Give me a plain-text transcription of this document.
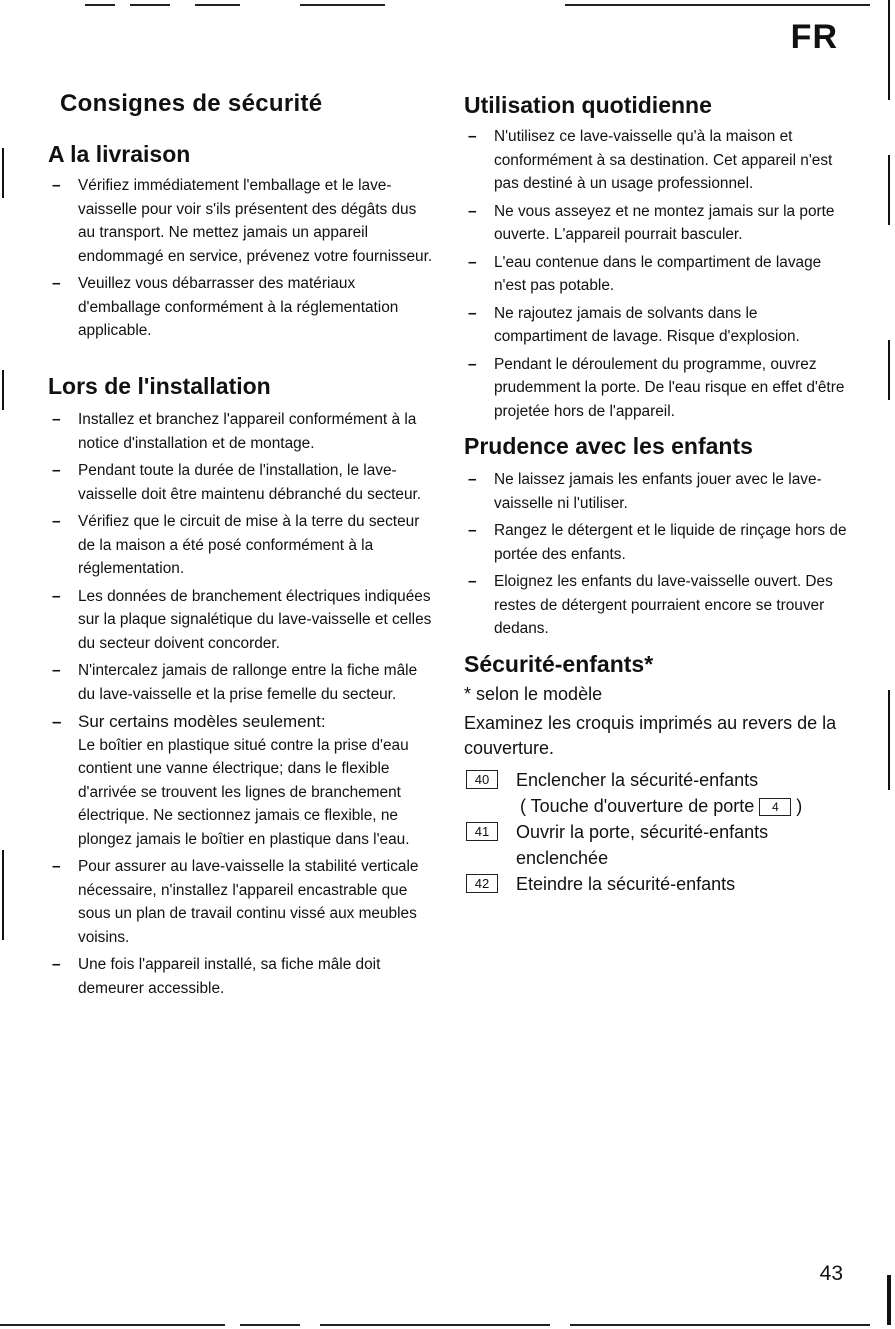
FR
Consignes de sécurité
A la livraison
– Vérifiez immédiatement l'emballage et le lave-vaisselle pour voir s'ils présentent des dégâts dus au transport. Ne mettez jamais un appareil endommagé en service, prévenez votre fournisseur.
– Veuillez vous débarrasser des matériaux d'emballage conformément à la réglementation applicable.
Lors de l'installation
– Installez et branchez l'appareil conformément à la notice d'installation et de montage.
– Pendant toute la durée de l'installation, le lave-vaisselle doit être maintenu débranché du secteur.
– Vérifiez que le circuit de mise à la terre du secteur de la maison a été posé conformément à la réglementation.
– Les données de branchement électriques indiquées sur la plaque signalétique du lave-vaisselle et celles du secteur doivent concorder.
– N'intercalez jamais de rallonge entre la fiche mâle du lave-vaisselle et la prise femelle du secteur.
– Sur certains modèles seulement:
Le boîtier en plastique situé contre la prise d'eau contient une vanne électrique; dans le flexible d'arrivée se trouvent les lignes de branchement électrique. Ne sectionnez jamais ce flexible, ne plongez jamais le boîtier en plastique dans l'eau.
– Pour assurer au lave-vaisselle la stabilité verticale nécessaire, n'installez l'appareil encastrable que sous un plan de travail continu vissé aux meubles voisins.
– Une fois l'appareil installé, sa fiche mâle doit demeurer accessible.
Utilisation quotidienne
– N'utilisez ce lave-vaisselle qu'à la maison et conformément à sa destination. Cet appareil n'est pas destiné à un usage professionnel.
– Ne vous asseyez et ne montez jamais sur la porte ouverte. L'appareil pourrait basculer.
– L'eau contenue dans le compartiment de lavage n'est pas potable.
– Ne rajoutez jamais de solvants dans le compartiment de lavage. Risque d'explosion.
– Pendant le déroulement du programme, ouvrez prudemment la porte. De l'eau risque en effet d'être projetée hors de l'appareil.
Prudence avec les enfants
– Ne laissez jamais les enfants jouer avec le lave-vaisselle ni l'utiliser.
– Rangez le détergent et le liquide de rinçage hors de portée des enfants.
– Eloignez les enfants du lave-vaisselle ouvert. Des restes de détergent pourraient encore se trouver dedans.
Sécurité-enfants*

* selon le modèle

Examinez les croquis imprimés au revers de la couverture.

40	Enclencher la sécurité-enfants
( Touche d'ouverture de porte 4 )
41	Ouvrir la porte, sécurité-enfants enclenchée
42	Eteindre la sécurité-enfants
43
